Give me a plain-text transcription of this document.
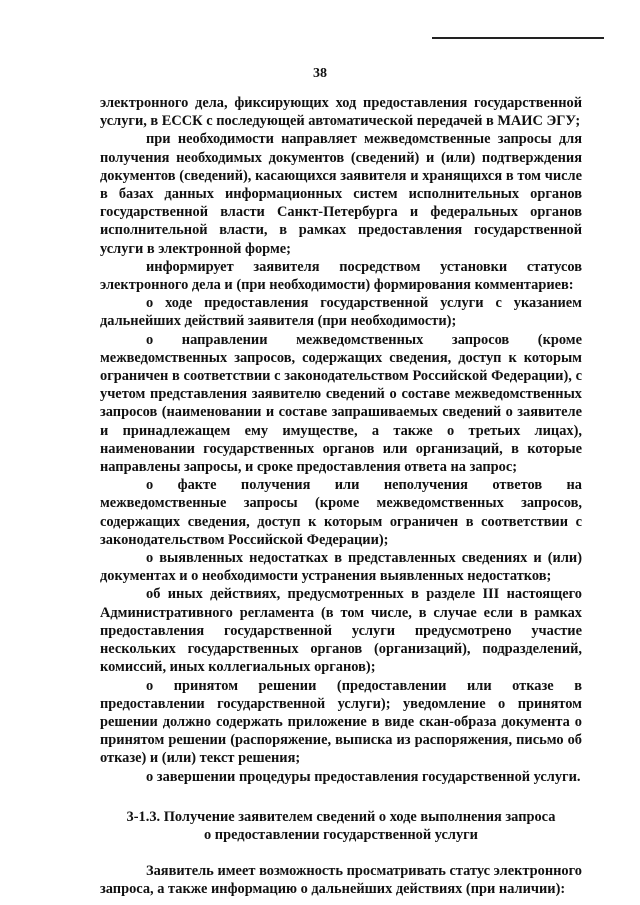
38

электронного дела, фиксирующих ход предоставления государственной услуги, в ЕССК с последующей автоматической передачей в МАИС ЭГУ;

при необходимости направляет межведомственные запросы для получения необходимых документов (сведений) и (или) подтверждения документов (сведений), касающихся заявителя и хранящихся в том числе в базах данных информационных систем исполнительных органов государственной власти Санкт-Петербурга и федеральных органов исполнительной власти, в рамках предоставления государственной услуги в электронной форме;

информирует заявителя посредством установки статусов электронного дела и (при необходимости) формирования комментариев:

о ходе предоставления государственной услуги с указанием дальнейших действий заявителя (при необходимости);

о направлении межведомственных запросов (кроме межведомственных запросов, содержащих сведения, доступ к которым ограничен в соответствии с законодательством Российской Федерации), с учетом представления заявителю сведений о составе межведомственных запросов (наименовании и составе запрашиваемых сведений о заявителе и принадлежащем ему имуществе, а также о третьих лицах), наименовании государственных органов или организаций, в которые направлены запросы, и сроке предоставления ответа на запрос;

о факте получения или неполучения ответов на межведомственные запросы (кроме межведомственных запросов, содержащих сведения, доступ к которым ограничен в соответствии с законодательством Российской Федерации);

о выявленных недостатках в представленных сведениях и (или) документах и о необходимости устранения выявленных недостатков;

об иных действиях, предусмотренных в разделе III настоящего Административного регламента (в том числе, в случае если в рамках предоставления государственной услуги предусмотрено участие нескольких государственных органов (организаций), подразделений, комиссий, иных коллегиальных органов);

о принятом решении (предоставлении или отказе в предоставлении государственной услуги); уведомление о принятом решении должно содержать приложение в виде скан-образа документа о принятом решении (распоряжение, выписка из распоряжения, письмо об отказе) и (или) текст решения;

о завершении процедуры предоставления государственной услуги.

3-1.3. Получение заявителем сведений о ходе выполнения запроса
о предоставлении государственной услуги

Заявитель имеет возможность просматривать статус электронного запроса, а также информацию о дальнейших действиях (при наличии):
